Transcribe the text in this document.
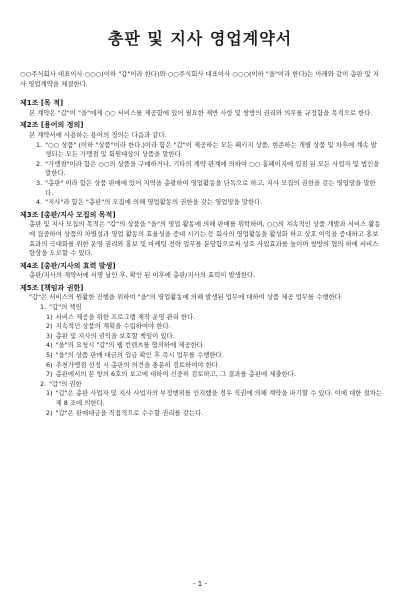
총판 및 지사 영업계약서
○○주식회사 대표이사 ○○○(이하 "갑"이라 한다)와 ○○주식회사 대표이사 ○○○(이하 "을"이라 한다)는 아래와 같이 총판 및 지사 영업계약을 체결한다.
제1조 [목 적]
본 계약은 "갑"이 "을"에게 ○○ 서비스를 제공함에 있어 필요한 제반 사항 및 쌍방의 권리와 의무를 규정함을 목적으로 한다.
제2조 [용어의 정의]
본 계약서에 사용하는 용어의 정의는 다음과 같다.
1. "○○ 상품" (이하 "상품"이라 한다.)이라 함은 "갑"이 제공하는 모든 패키지 상품, 현존하는 개별 상품 및 차후에 계속 발생되는 모든 가맹점 및 회원대상의 상품을 말한다.
2. "가맹점"이라 함은 ○○의 상품을 구매하거나, 기타의 계약 관계에 의하여 ○○ 홈페이지에 입점 된 모든 사업자 및 법인을 말한다.
3. "총판" 이라 함은 상품 판매에 있어 지역을 총괄하여 영업활동을 단독으로 하고, 지사 모집의 권한을 갖는 영업망을 말한다.
4. "지사"라 함은 "총판"의 모집에 의해 영업활동의 권한을 갖는 영업망을 말한다.
제3조 [총판/지사 모집의 목적]
총판 및 지사 모집의 목적은 "갑"의 상품을 "을"의 영업 활동에 의해 판매를 위탁하며, ○○의 지속적인 상품 개발과 서비스 활동에 집중하여 상품의 차별성과 영업 활동의 효율성을 증대 시키는 등 회사의 영업활동을 활성화 하고 상호 이익을 증대하고 홍보효과의 극대화를 위한 운영 권리와 홍보 및 마케팅 전략 업무를 분담함으로써 상호 사업효과를 높이며 쌍방의 협의 하에 서비스 향상을 도모할 수 있다.
제4조 [총판/지사의 효력 발생]
총판/지사의 계약서에 서명 날인 후, 확인 된 이후에 총판/지사의 효력이 발생한다.
제5조 [책임과 권한]
"갑"은 서비스의 원활한 진행을 위하여 "을"의 영업활동에 의해 발생된 업무에 대하여 상품 제공 업무를 수행한다.
1. "갑"의 책임
1) 서비스 제공을 위한 프로그램 제작 운영 관리 한다.
2) 지속적인 상품의 계획을 수립하여야 한다.
3) 총판 및 지사의 권익을 보호할 책임이 있다.
4) "을"의 요청시 "갑"의 웹 컨텐츠를 협의하에 제공한다.
5) "을"의 상품 판매 대금의 입금 확인 후 즉시 업무를 수행한다.
6) 추천가맹점 선정 시 총판의 의견을 충분히 검토하여야 한다.
7) 총판에서의 본 항의 6호의 보고에 대하여 신중히 검토하고, 그 결과를 총판에 제출한다.
2. "갑"의 권한
1) "갑"은 총판 사업자 및 지사 사업자의 부정행위를 인지했을 경우 직권에 의해 계약을 파기할 수 있다. 이에 대한 절차는 제 8 조에 의한다.
2) "갑"은 판매대금을 직접적으로 수수할 권리를 갖는다.
- 1 -
